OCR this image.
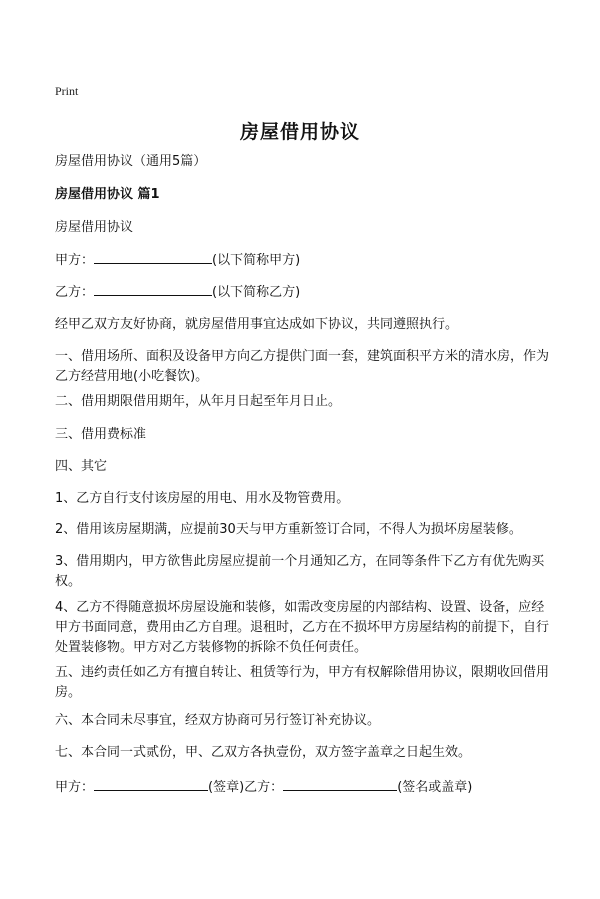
Print
房屋借用协议
房屋借用协议（通用5篇）
房屋借用协议 篇1
房屋借用协议
甲方：	(以下简称甲方)
乙方：	(以下简称乙方)
经甲乙双方友好协商，就房屋借用事宜达成如下协议，共同遵照执行。
一、借用场所、面积及设备甲方向乙方提供门面一套，建筑面积平方米的清水房，作为乙方经营用地(小吃餐饮)。
二、借用期限借用期年，从年月日起至年月日止。
三、借用费标准
四、其它
1、乙方自行支付该房屋的用电、用水及物管费用。
2、借用该房屋期满，应提前30天与甲方重新签订合同，不得人为损坏房屋装修。
3、借用期内，甲方欲售此房屋应提前一个月通知乙方，在同等条件下乙方有优先购买权。
4、乙方不得随意损坏房屋设施和装修，如需改变房屋的内部结构、设置、设备，应经甲方书面同意，费用由乙方自理。退租时，乙方在不损坏甲方房屋结构的前提下，自行处置装修物。甲方对乙方装修物的拆除不负任何责任。
五、违约责任如乙方有擅自转让、租赁等行为，甲方有权解除借用协议，限期收回借用房。
六、本合同未尽事宜，经双方协商可另行签订补充协议。
七、本合同一式贰份，甲、乙双方各执壹份，双方签字盖章之日起生效。
甲方：	(签章)乙方：	(签名或盖章)
